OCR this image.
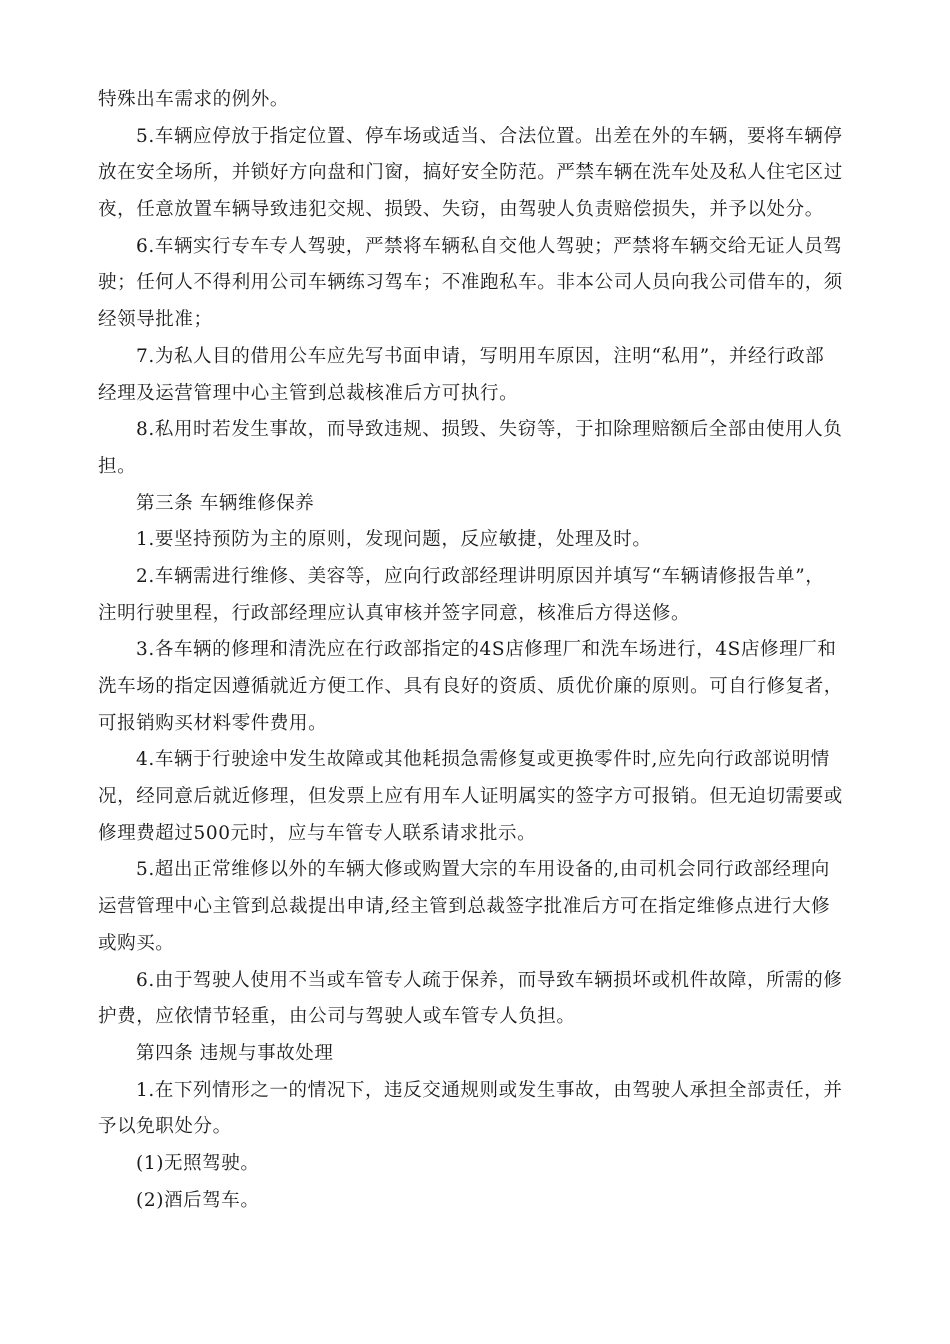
特殊出车需求的例外。
5.车辆应停放于指定位置、停车场或适当、合法位置。出差在外的车辆，要将车辆停
放在安全场所，并锁好方向盘和门窗，搞好安全防范。严禁车辆在洗车处及私人住宅区过
夜，任意放置车辆导致违犯交规、损毁、失窃，由驾驶人负责赔偿损失，并予以处分。
6.车辆实行专车专人驾驶，严禁将车辆私自交他人驾驶；严禁将车辆交给无证人员驾
驶；任何人不得利用公司车辆练习驾车；不准跑私车。非本公司人员向我公司借车的，须
经领导批准；
7.为私人目的借用公车应先写书面申请，写明用车原因，注明“私用”，并经行政部
经理及运营管理中心主管到总裁核准后方可执行。
8.私用时若发生事故，而导致违规、损毁、失窃等，于扣除理赔额后全部由使用人负
担。
第三条 车辆维修保养
1.要坚持预防为主的原则，发现问题，反应敏捷，处理及时。
2.车辆需进行维修、美容等，应向行政部经理讲明原因并填写“车辆请修报告单”，
注明行驶里程，行政部经理应认真审核并签字同意，核准后方得送修。
3.各车辆的修理和清洗应在行政部指定的4S店修理厂和洗车场进行，4S店修理厂和
洗车场的指定因遵循就近方便工作、具有良好的资质、质优价廉的原则。可自行修复者，
可报销购买材料零件费用。
4.车辆于行驶途中发生故障或其他耗损急需修复或更换零件时,应先向行政部说明情
况，经同意后就近修理，但发票上应有用车人证明属实的签字方可报销。但无迫切需要或
修理费超过500元时，应与车管专人联系请求批示。
5.超出正常维修以外的车辆大修或购置大宗的车用设备的,由司机会同行政部经理向
运营管理中心主管到总裁提出申请,经主管到总裁签字批准后方可在指定维修点进行大修
或购买。
6.由于驾驶人使用不当或车管专人疏于保养，而导致车辆损坏或机件故障，所需的修
护费，应依情节轻重，由公司与驾驶人或车管专人负担。
第四条 违规与事故处理
1.在下列情形之一的情况下，违反交通规则或发生事故，由驾驶人承担全部责任，并
予以免职处分。
(1)无照驾驶。
(2)酒后驾车。
